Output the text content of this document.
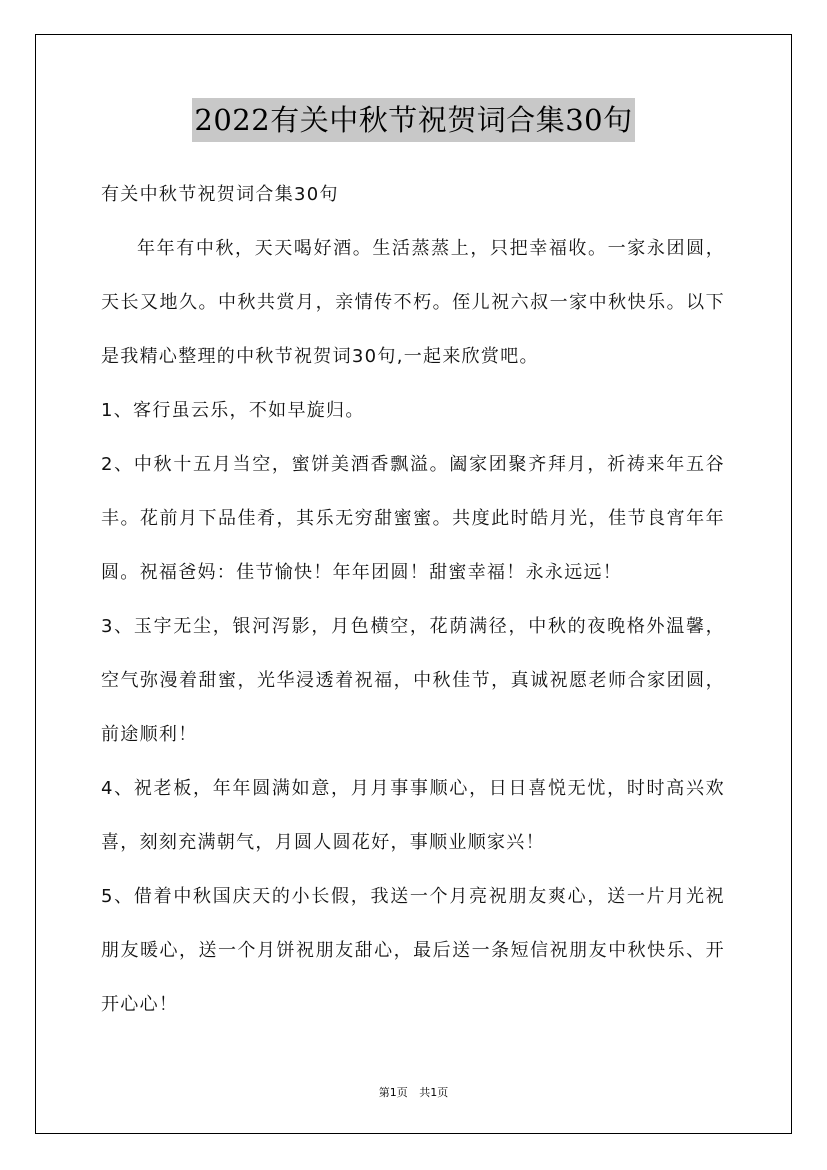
2022有关中秋节祝贺词合集30句
有关中秋节祝贺词合集30句
年年有中秋，天天喝好酒。生活蒸蒸上，只把幸福收。一家永团圆，天长又地久。中秋共赏月，亲情传不朽。侄儿祝六叔一家中秋快乐。以下是我精心整理的中秋节祝贺词30句,一起来欣赏吧。
1、客行虽云乐，不如早旋归。
2、中秋十五月当空，蜜饼美酒香飘溢。阖家团聚齐拜月，祈祷来年五谷丰。花前月下品佳肴，其乐无穷甜蜜蜜。共度此时皓月光，佳节良宵年年圆。祝福爸妈：佳节愉快！年年团圆！甜蜜幸福！永永远远！
3、玉宇无尘，银河泻影，月色横空，花荫满径，中秋的夜晚格外温馨，空气弥漫着甜蜜，光华浸透着祝福，中秋佳节，真诚祝愿老师合家团圆，前途顺利！
4、祝老板，年年圆满如意，月月事事顺心，日日喜悦无忧，时时高兴欢喜，刻刻充满朝气，月圆人圆花好，事顺业顺家兴！
5、借着中秋国庆天的小长假，我送一个月亮祝朋友爽心，送一片月光祝朋友暖心，送一个月饼祝朋友甜心，最后送一条短信祝朋友中秋快乐、开开心心！
第1页 共1页
